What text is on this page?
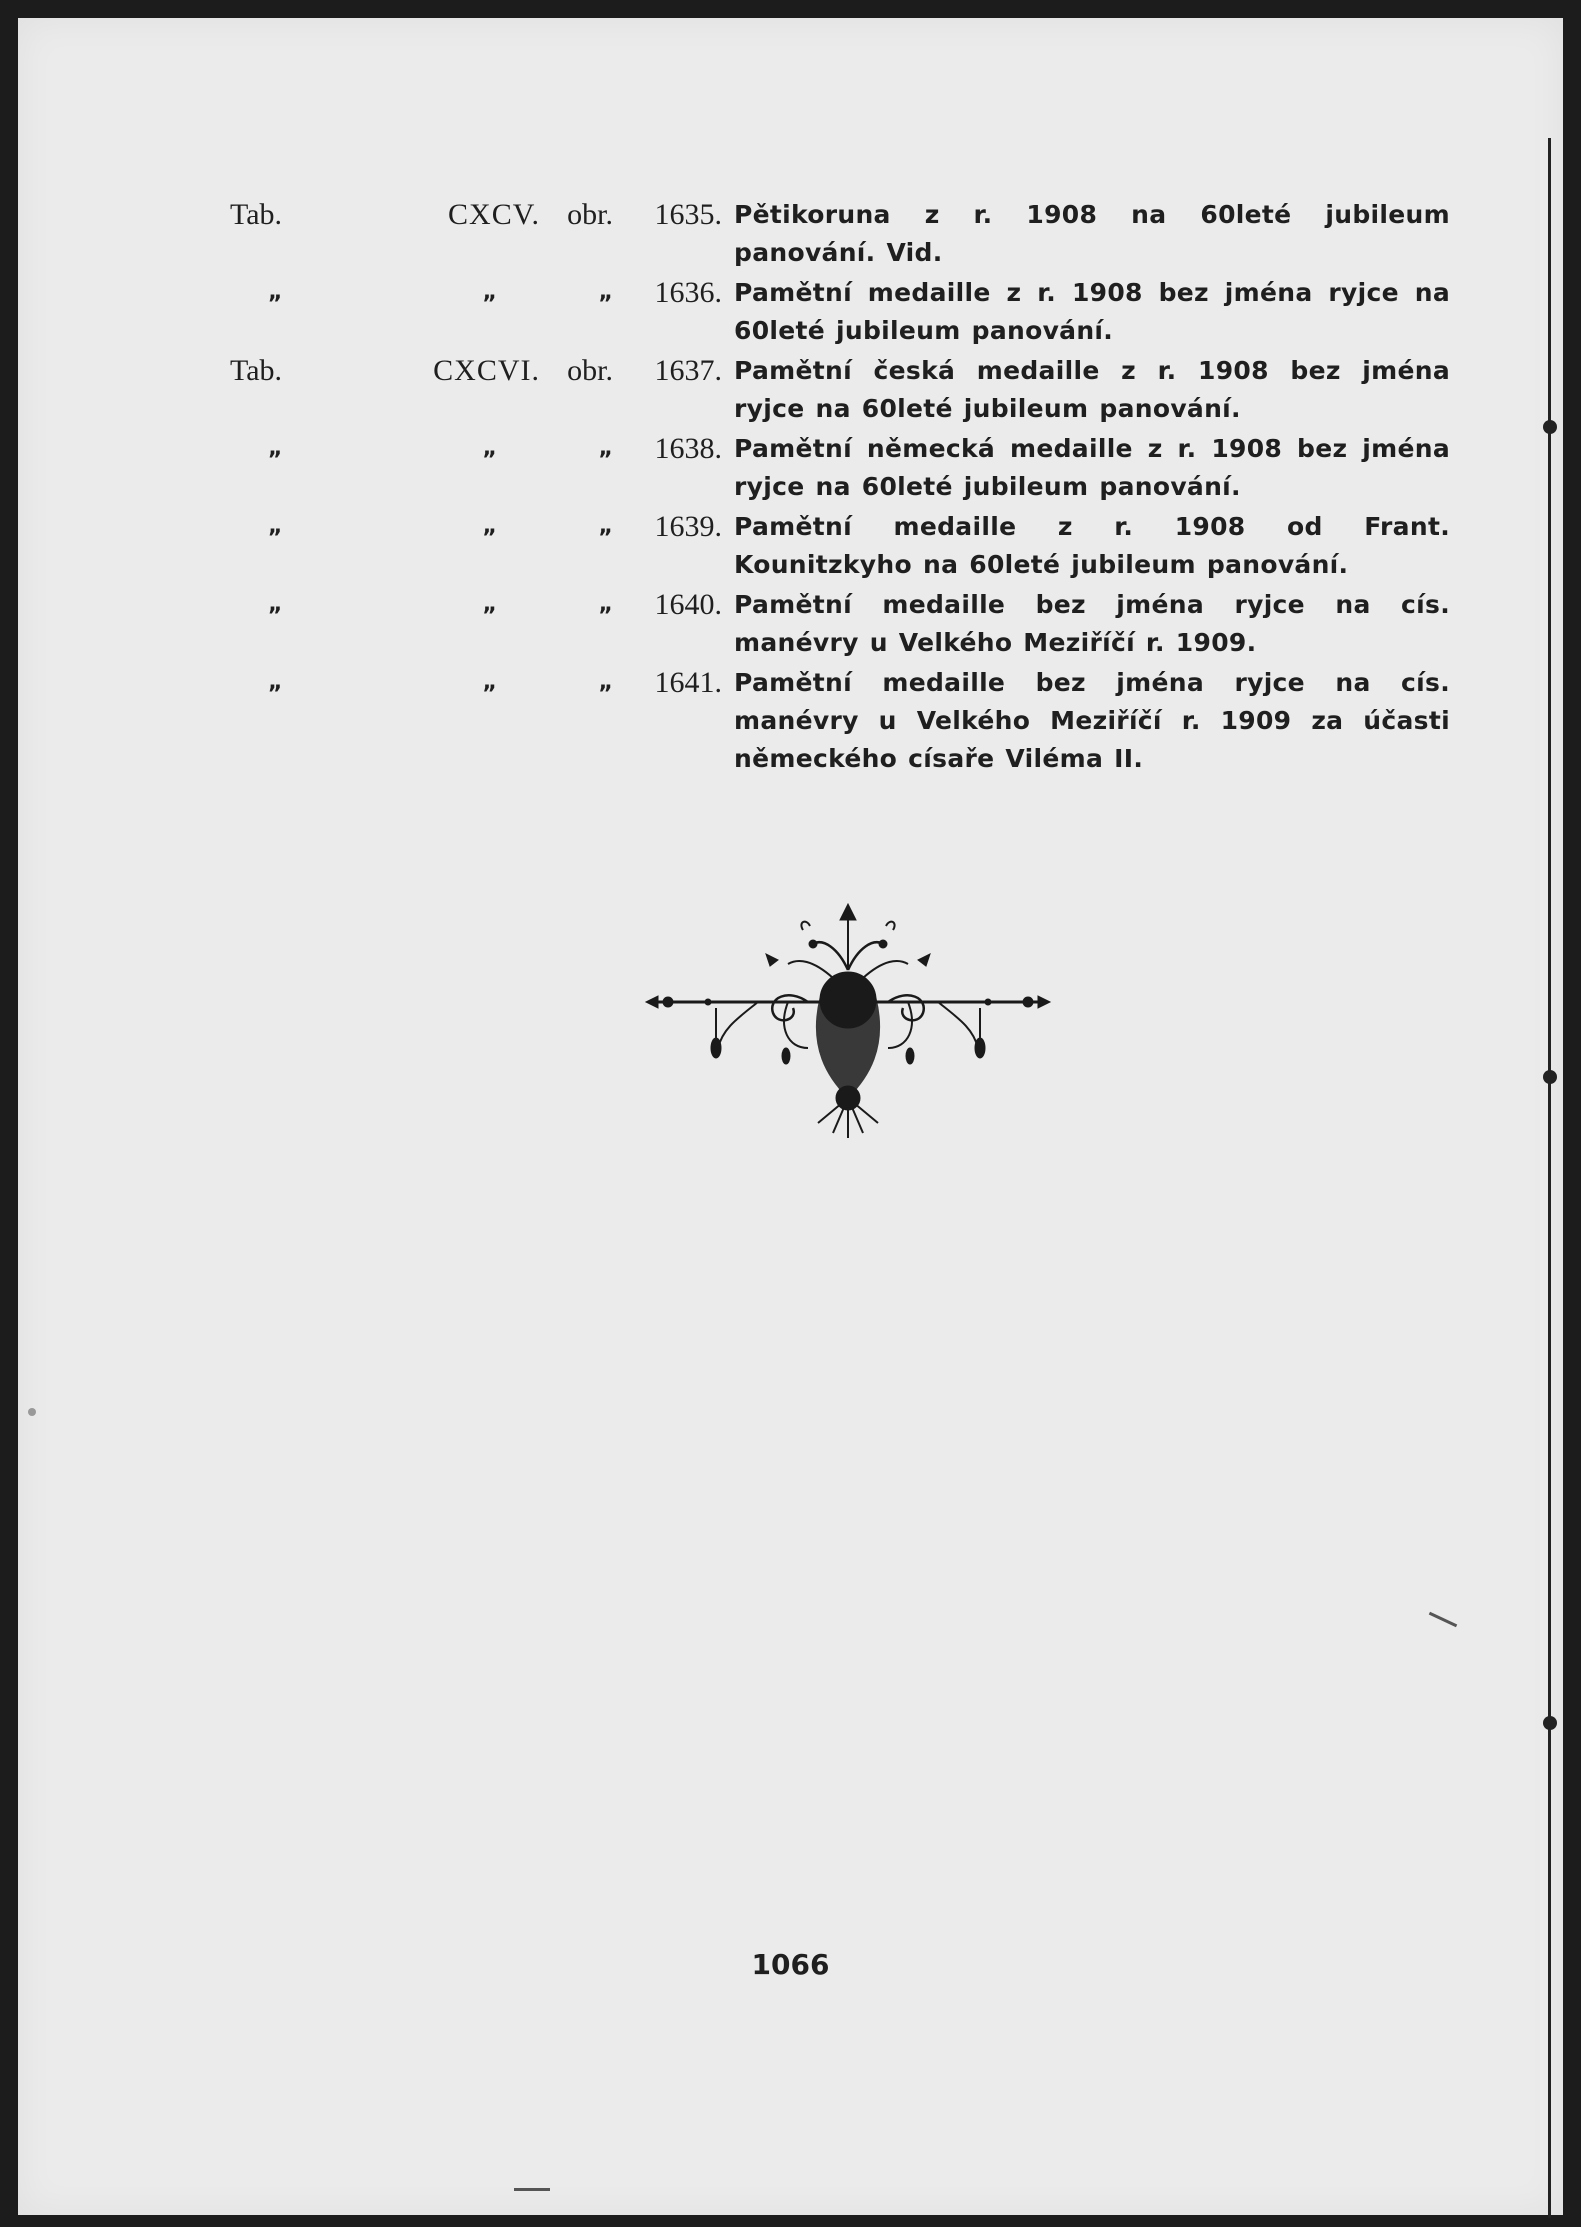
Tab.	CXCV. obr.	1635. Pětikoruna z r. 1908 na 60leté jubileum panování. Vid.
„	„	„	1636. Pamětní medaille z r. 1908 bez jména ryjce na 60leté jubileum panování.
Tab.	CXCVI. obr.	1637. Pamětní česká medaille z r. 1908 bez jména ryjce na 60leté jubileum panování.
„	„	„	1638. Pamětní německá medaille z r. 1908 bez jména ryjce na 60leté jubileum panování.
„	„	„	1639. Pamětní medaille z r. 1908 od Frant. Kounitzkyho na 60leté jubileum panování.
„	„	„	1640. Pamětní medaille bez jména ryjce na cís. manévry u Velkého Meziříčí r. 1909.
„	„	„	1641. Pamětní medaille bez jména ryjce na cís. manévry u Velkého Meziříčí r. 1909 za účasti německého císaře Viléma II.
1066
